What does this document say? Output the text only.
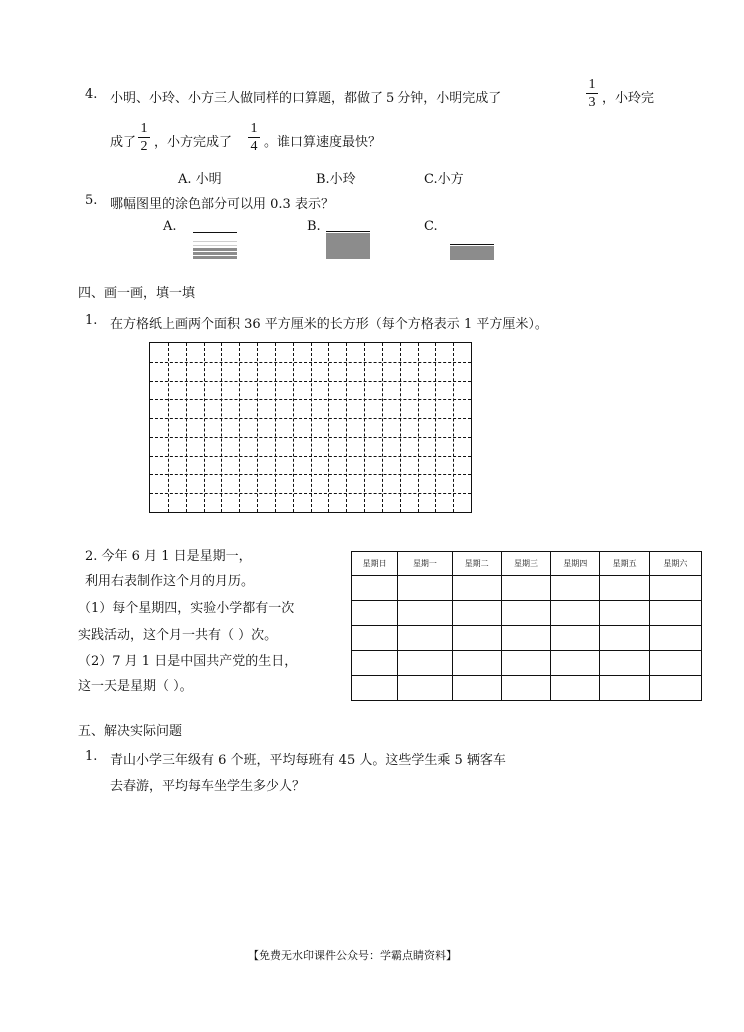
4. 小明、小玲、小方三人做同样的口算题，都做了 5 分钟，小明完成了	$\frac{1}{3}$ ，小玲完
成了 $\frac{1}{2}$ ，小方完成了 $\frac{1}{4}$ 。谁口算速度最快？
A. 小明	B.小玲	C.小方
5. 哪幅图里的涂色部分可以用 0.3 表示？
A.	B.	C.
四、画一画，填一填
1. 在方格纸上画两个面积 36 平方厘米的长方形（每个方格表示 1 平方厘米）。
2. 今年 6 月 1 日是星期一，
利用右表制作这个月的月历。
（1）每个星期四，实验小学都有一次
实践活动，这个月一共有（ ）次。
（2）7 月 1 日是中国共产党的生日，
这一天是星期（ ）。
星期日	星期一	星期二	星期三	星期四	星期五	星期六

五、解决实际问题
1. 青山小学三年级有 6 个班，平均每班有 45 人。这些学生乘 5 辆客车
去春游，平均每车坐学生多少人？
【免费无水印课件公众号：学霸点睛资料】
